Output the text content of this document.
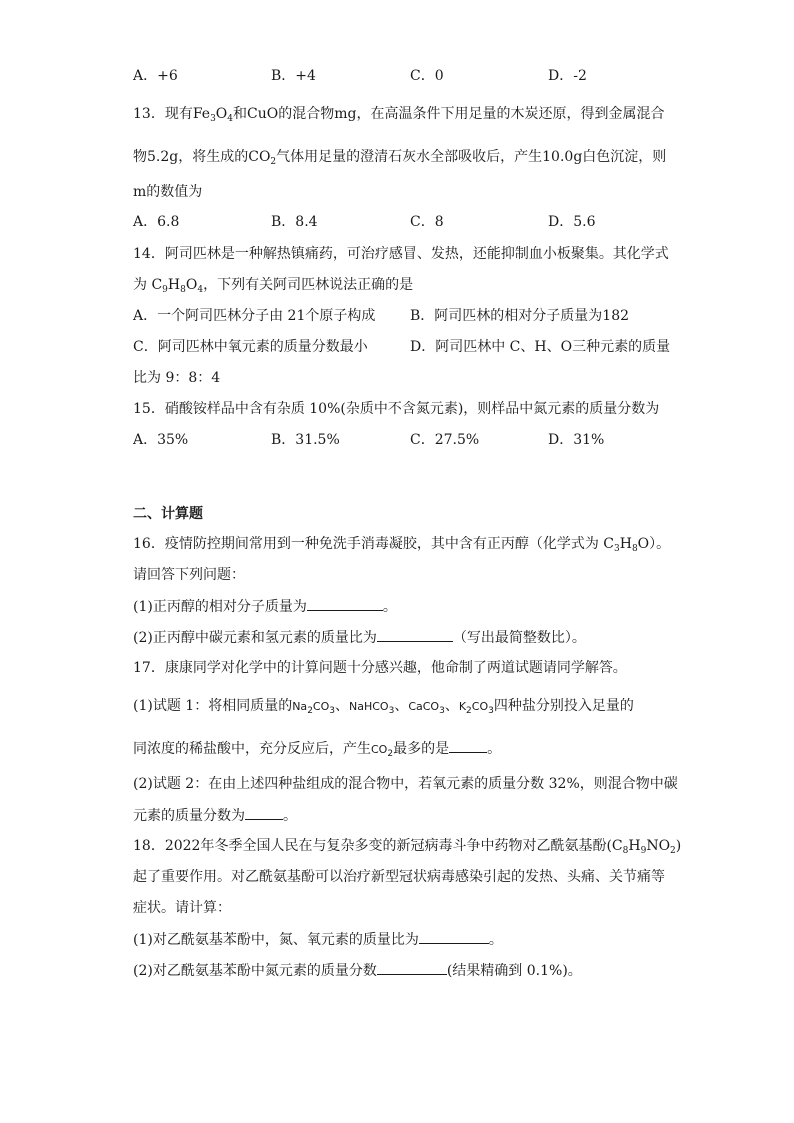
A．+6	B．+4	C．0	D．-2
13．现有$Fe_3O_4$和CuO的混合物mg，在高温条件下用足量的木炭还原，得到金属混合
物5.2g，将生成的$CO_2$气体用足量的澄清石灰水全部吸收后，产生10.0g白色沉淀，则
m的数值为
A．6.8	B．8.4	C．8	D．5.6
14．阿司匹林是一种解热镇痛药，可治疗感冒、发热，还能抑制血小板聚集。其化学式
为 $C_9H_8O_4$，下列有关阿司匹林说法正确的是
A．一个阿司匹林分子由 21个原子构成 B．阿司匹林的相对分子质量为182
C．阿司匹林中氧元素的质量分数最小	D．阿司匹林中 C、H、O三种元素的质量
比为 9：8：4
15．硝酸铵样品中含有杂质 10%(杂质中不含氮元素)，则样品中氮元素的质量分数为
A．35%	B．31.5%	C．27.5%	D．31%
二、计算题
16．疫情防控期间常用到一种免洗手消毒凝胶，其中含有正丙醇（化学式为 $C_3H_8O$）。
请回答下列问题：
(1)正丙醇的相对分子质量为	。
(2)正丙醇中碳元素和氢元素的质量比为	（写出最简整数比）。
17．康康同学对化学中的计算问题十分感兴趣，他命制了两道试题请同学解答。
(1)试题 1：将相同质量的$Na_2CO_3$、NaHCO$_3$、CaCO$_3$、$K_2CO_3$四种盐分别投入足量的
同浓度的稀盐酸中，充分反应后，产生$CO_2$最多的是	。
(2)试题 2：在由上述四种盐组成的混合物中，若氧元素的质量分数 32%，则混合物中碳
元素的质量分数为	。
18．2022年冬季全国人民在与复杂多变的新冠病毒斗争中药物对乙酰氨基酚$(C_8H_9NO_2)$
起了重要作用。对乙酰氨基酚可以治疗新型冠状病毒感染引起的发热、头痛、关节痛等
症状。请计算：
(1)对乙酰氨基苯酚中，氮、氧元素的质量比为	。
(2)对乙酰氨基苯酚中氮元素的质量分数	(结果精确到 0.1%)。
